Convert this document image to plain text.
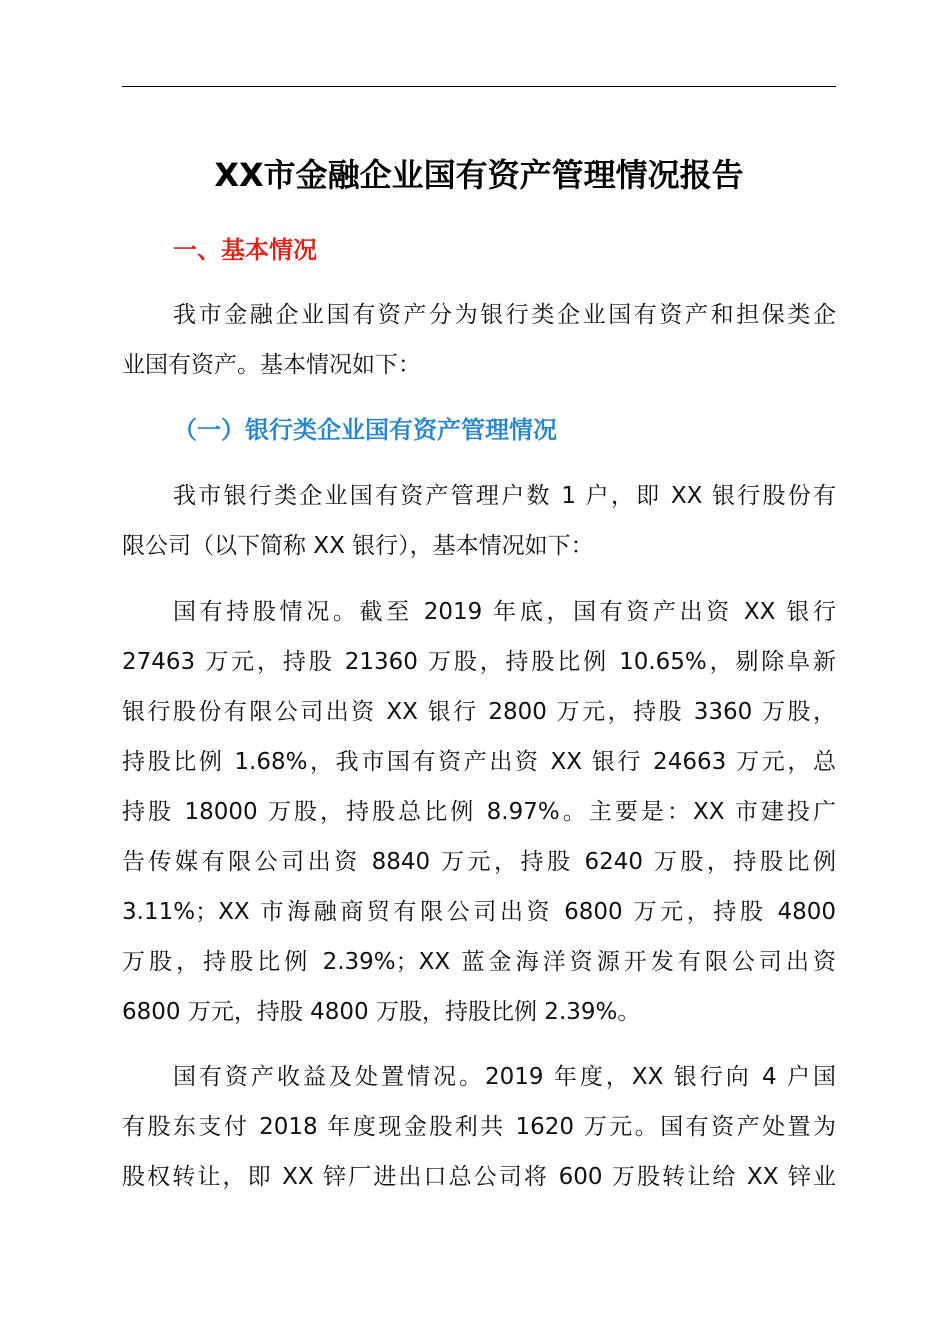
XX市金融企业国有资产管理情况报告
一、基本情况

我市金融企业国有资产分为银行类企业国有资产和担保类企
业国有资产。基本情况如下：

（一）银行类企业国有资产管理情况

我市银行类企业国有资产管理户数 1 户，即 XX 银行股份有
限公司（以下简称 XX 银行），基本情况如下：

国有持股情况。截至 2019 年底，国有资产出资 XX 银行
27463 万元，持股 21360 万股，持股比例 10.65%，剔除阜新
银行股份有限公司出资 XX 银行 2800 万元，持股 3360 万股，
持股比例 1.68%，我市国有资产出资 XX 银行 24663 万元，总
持股 18000 万股，持股总比例 8.97%。主要是：XX 市建投广
告传媒有限公司出资 8840 万元，持股 6240 万股，持股比例
3.11%；XX 市海融商贸有限公司出资 6800 万元，持股 4800
万股，持股比例 2.39%；XX 蓝金海洋资源开发有限公司出资
6800 万元，持股 4800 万股，持股比例 2.39%。

国有资产收益及处置情况。2019 年度，XX 银行向 4 户国
有股东支付 2018 年度现金股利共 1620 万元。国有资产处置为
股权转让，即 XX 锌厂进出口总公司将 600 万股转让给 XX 锌业
